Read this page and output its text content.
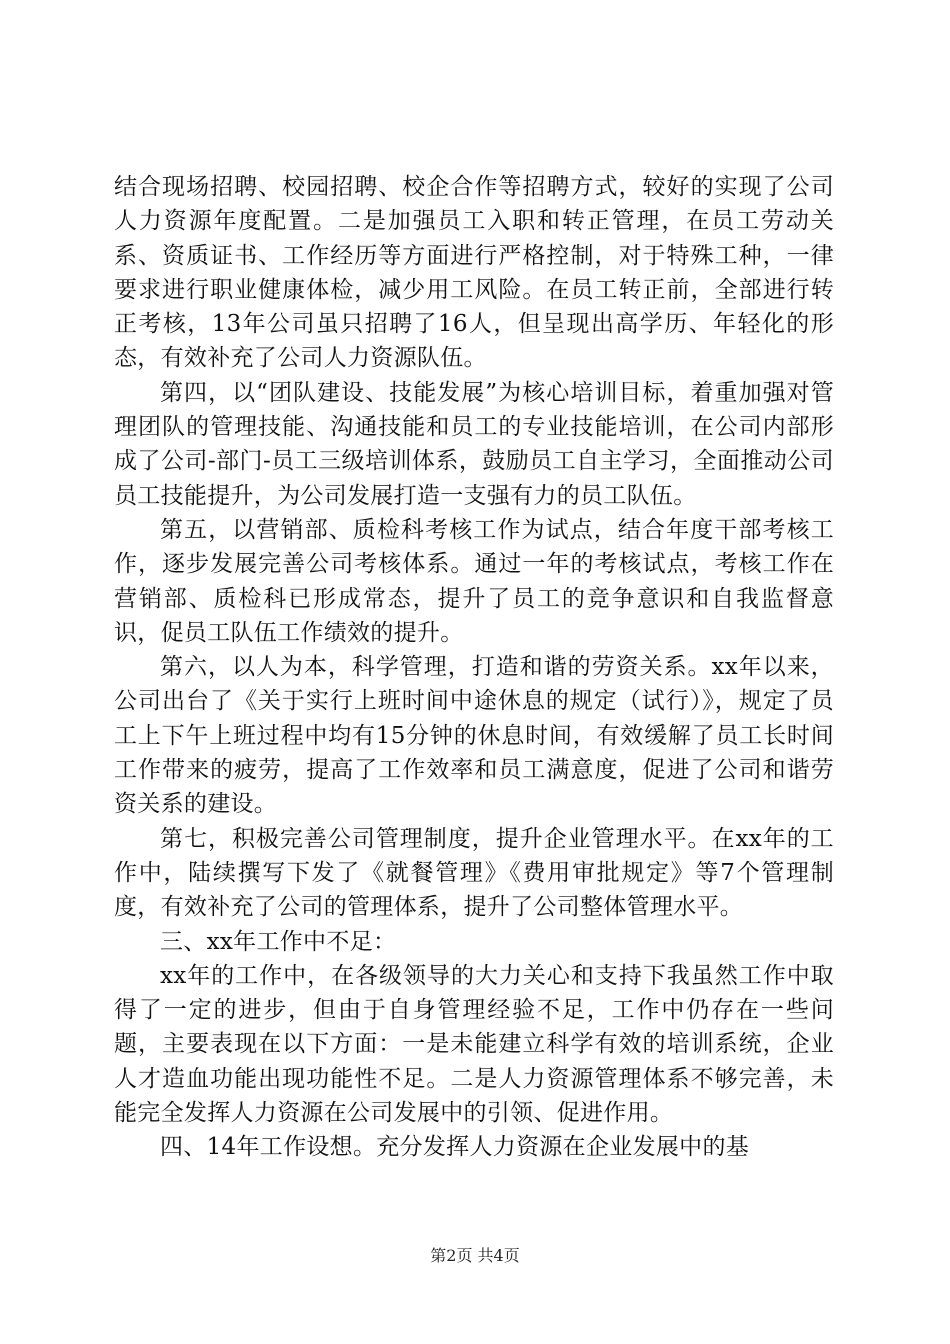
结合现场招聘、校园招聘、校企合作等招聘方式，较好的实现了公司人力资源年度配置。二是加强员工入职和转正管理，在员工劳动关系、资质证书、工作经历等方面进行严格控制，对于特殊工种，一律要求进行职业健康体检，减少用工风险。在员工转正前，全部进行转正考核，13年公司虽只招聘了16人，但呈现出高学历、年轻化的形态，有效补充了公司人力资源队伍。

第四，以“团队建设、技能发展”为核心培训目标，着重加强对管理团队的管理技能、沟通技能和员工的专业技能培训，在公司内部形成了公司-部门-员工三级培训体系，鼓励员工自主学习，全面推动公司员工技能提升，为公司发展打造一支强有力的员工队伍。

第五，以营销部、质检科考核工作为试点，结合年度干部考核工作，逐步发展完善公司考核体系。通过一年的考核试点，考核工作在营销部、质检科已形成常态，提升了员工的竞争意识和自我监督意识，促员工队伍工作绩效的提升。

第六，以人为本，科学管理，打造和谐的劳资关系。xx年以来，公司出台了《关于实行上班时间中途休息的规定（试行）》，规定了员工上下午上班过程中均有15分钟的休息时间，有效缓解了员工长时间工作带来的疲劳，提高了工作效率和员工满意度，促进了公司和谐劳资关系的建设。

第七，积极完善公司管理制度，提升企业管理水平。在xx年的工作中，陆续撰写下发了《就餐管理》《费用审批规定》等7个管理制度，有效补充了公司的管理体系，提升了公司整体管理水平。

三、xx年工作中不足：

xx年的工作中，在各级领导的大力关心和支持下我虽然工作中取得了一定的进步，但由于自身管理经验不足，工作中仍存在一些问题，主要表现在以下方面：一是未能建立科学有效的培训系统，企业人才造血功能出现功能性不足。二是人力资源管理体系不够完善，未能完全发挥人力资源在公司发展中的引领、促进作用。

四、14年工作设想。充分发挥人力资源在企业发展中的基

第2页 共4页
